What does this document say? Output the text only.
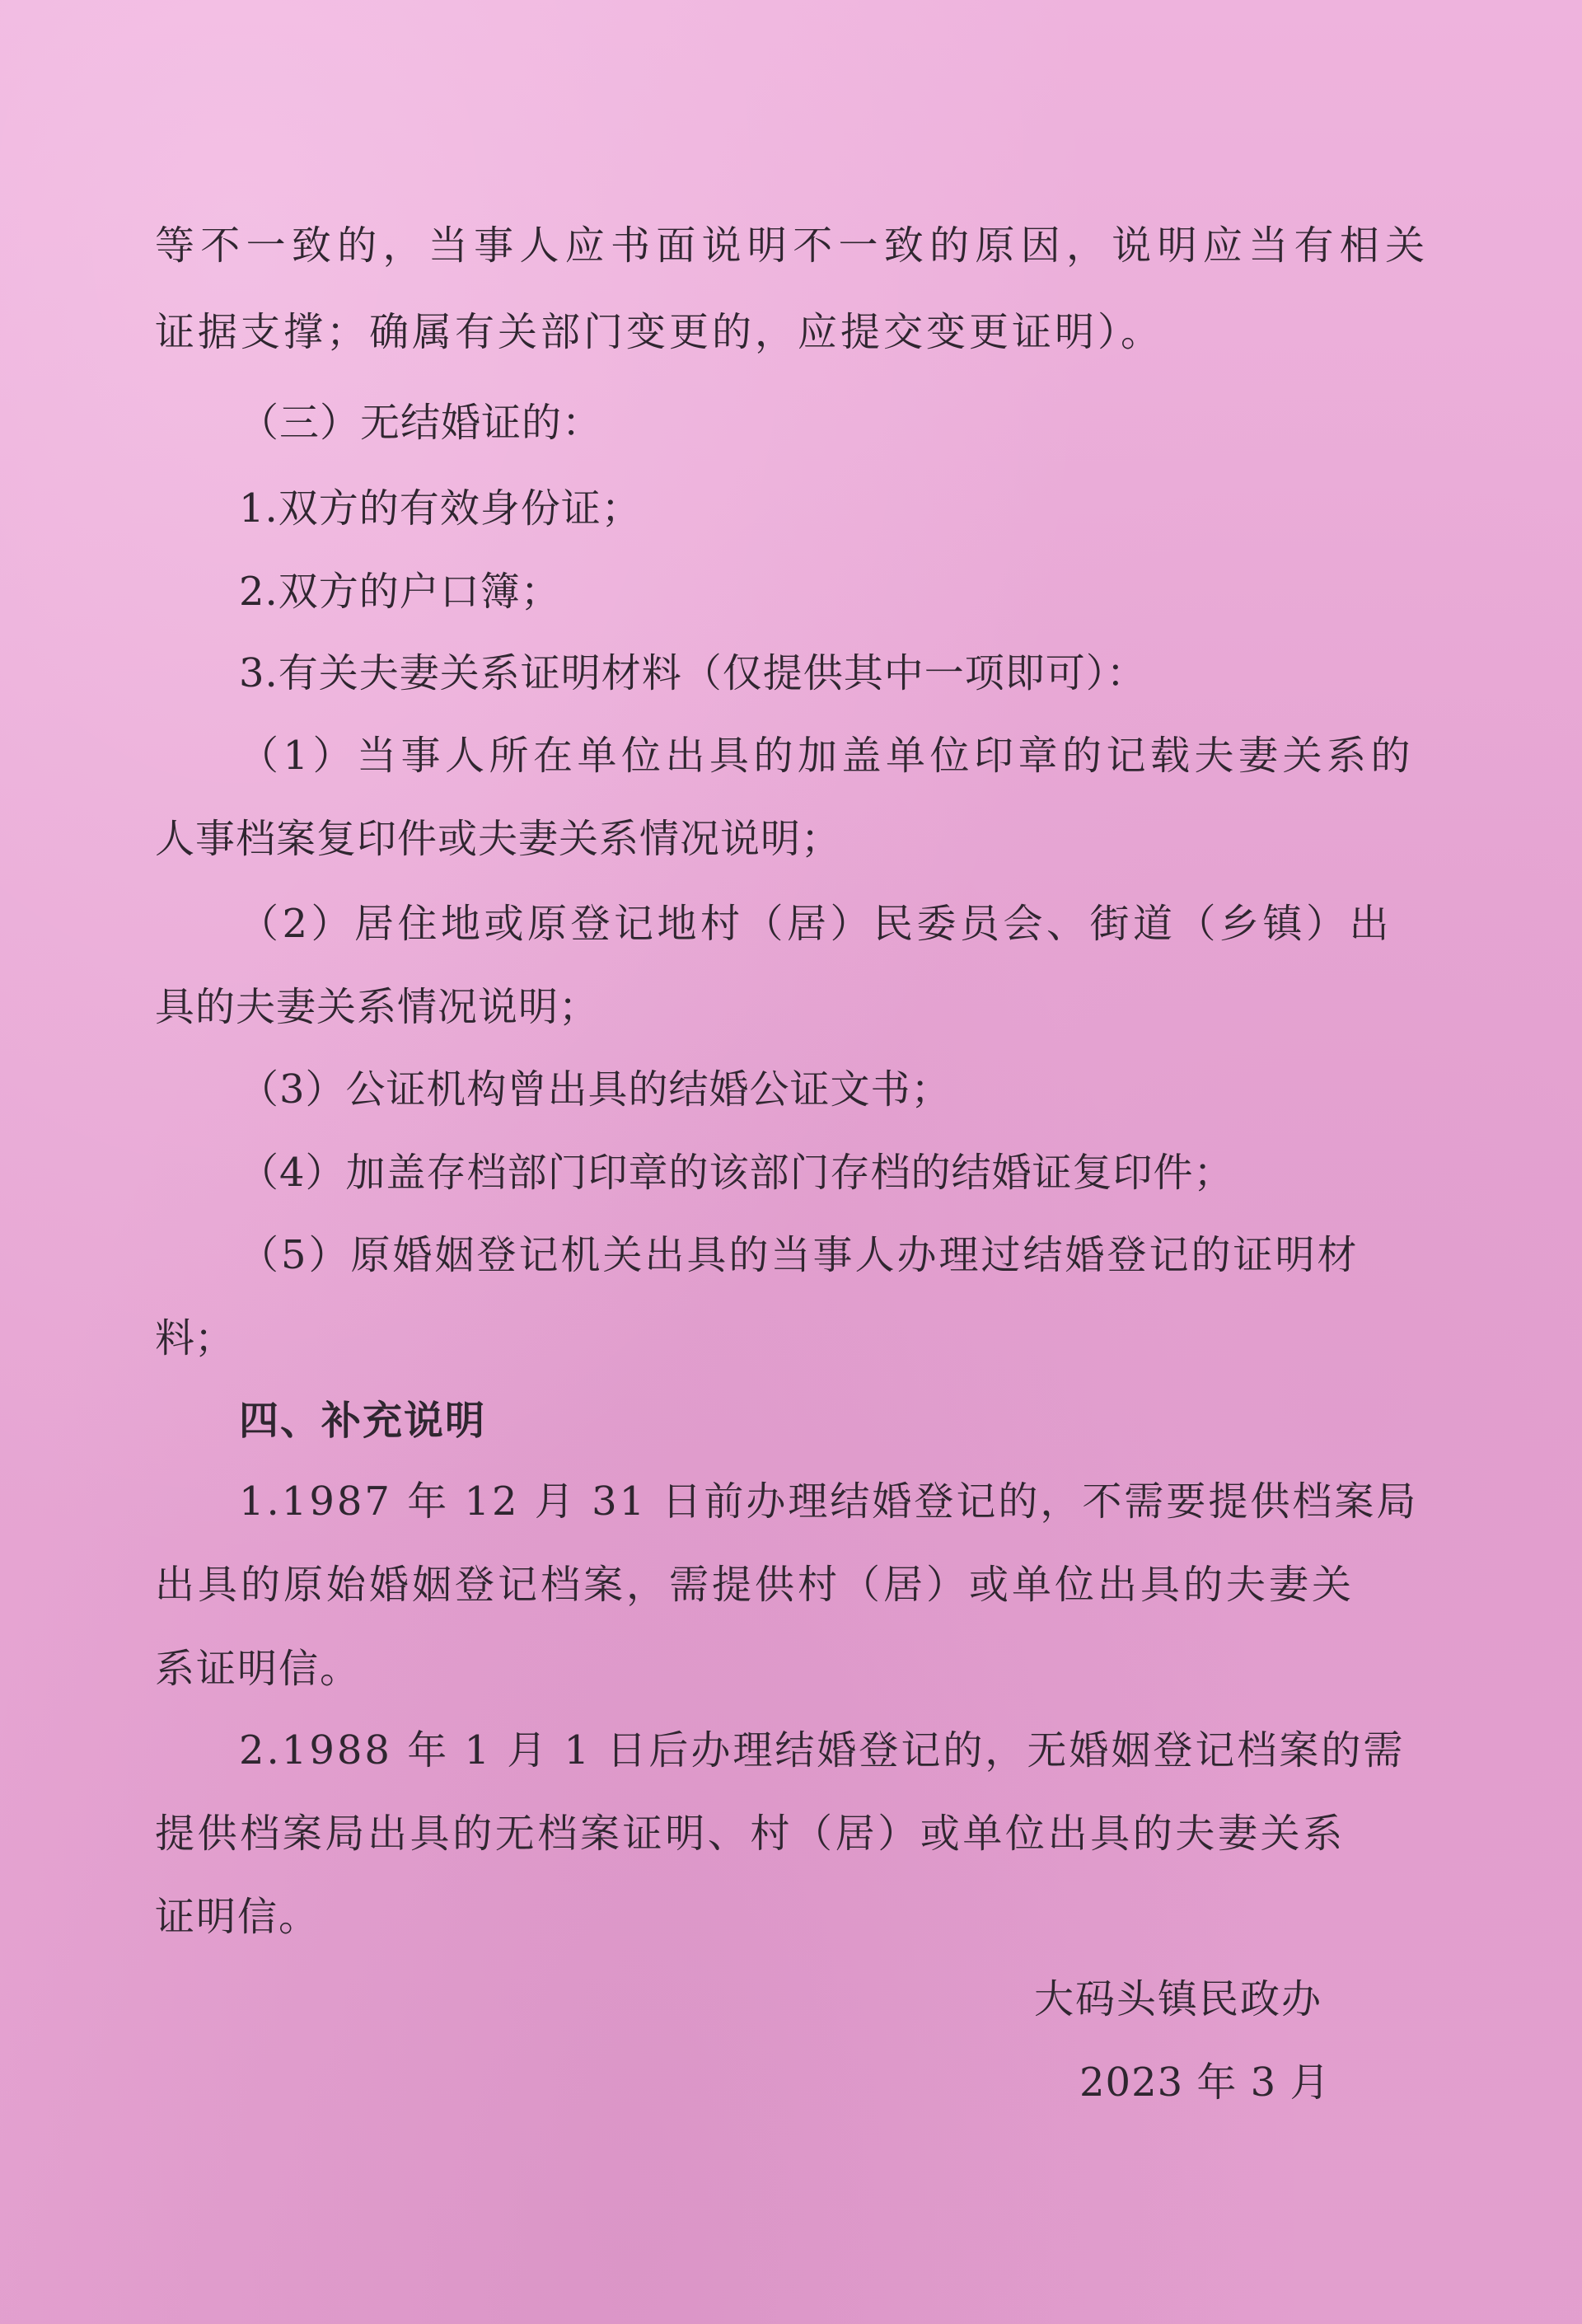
等不一致的，当事人应书面说明不一致的原因，说明应当有相关

证据支撑；确属有关部门变更的，应提交变更证明）。

（三）无结婚证的：

1.双方的有效身份证；

2.双方的户口簿；

3.有关夫妻关系证明材料（仅提供其中一项即可）：

（1）当事人所在单位出具的加盖单位印章的记载夫妻关系的

人事档案复印件或夫妻关系情况说明；

（2）居住地或原登记地村（居）民委员会、街道（乡镇）出

具的夫妻关系情况说明；

（3）公证机构曾出具的结婚公证文书；

（4）加盖存档部门印章的该部门存档的结婚证复印件；

（5）原婚姻登记机关出具的当事人办理过结婚登记的证明材

料；

四、补充说明

1.1987 年 12 月 31 日前办理结婚登记的，不需要提供档案局

出具的原始婚姻登记档案，需提供村（居）或单位出具的夫妻关

系证明信。

2.1988 年 1 月 1 日后办理结婚登记的，无婚姻登记档案的需

提供档案局出具的无档案证明、村（居）或单位出具的夫妻关系

证明信。

大码头镇民政办

2023 年 3 月
